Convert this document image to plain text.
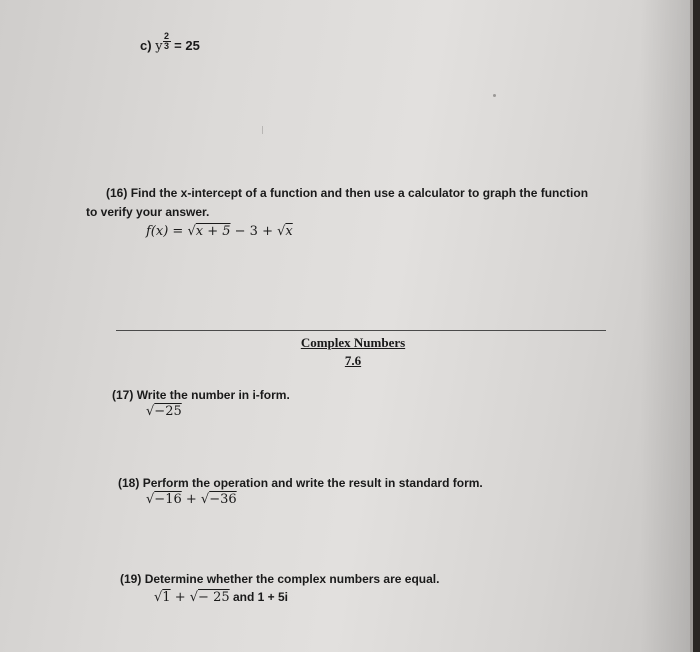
c) y $\frac{2}{3} = 25$
(16) Find the x-intercept of a function and then use a calculator to graph the function
to verify your answer.
f(x) = √x + 5 − 3 + √x
Complex Numbers
7.6
(17) Write the number in i-form.
√−25
(18) Perform the operation and write the result in standard form.
√−16 + √−36
(19) Determine whether the complex numbers are equal.
√1 + √− 25 and 1 + 5i
